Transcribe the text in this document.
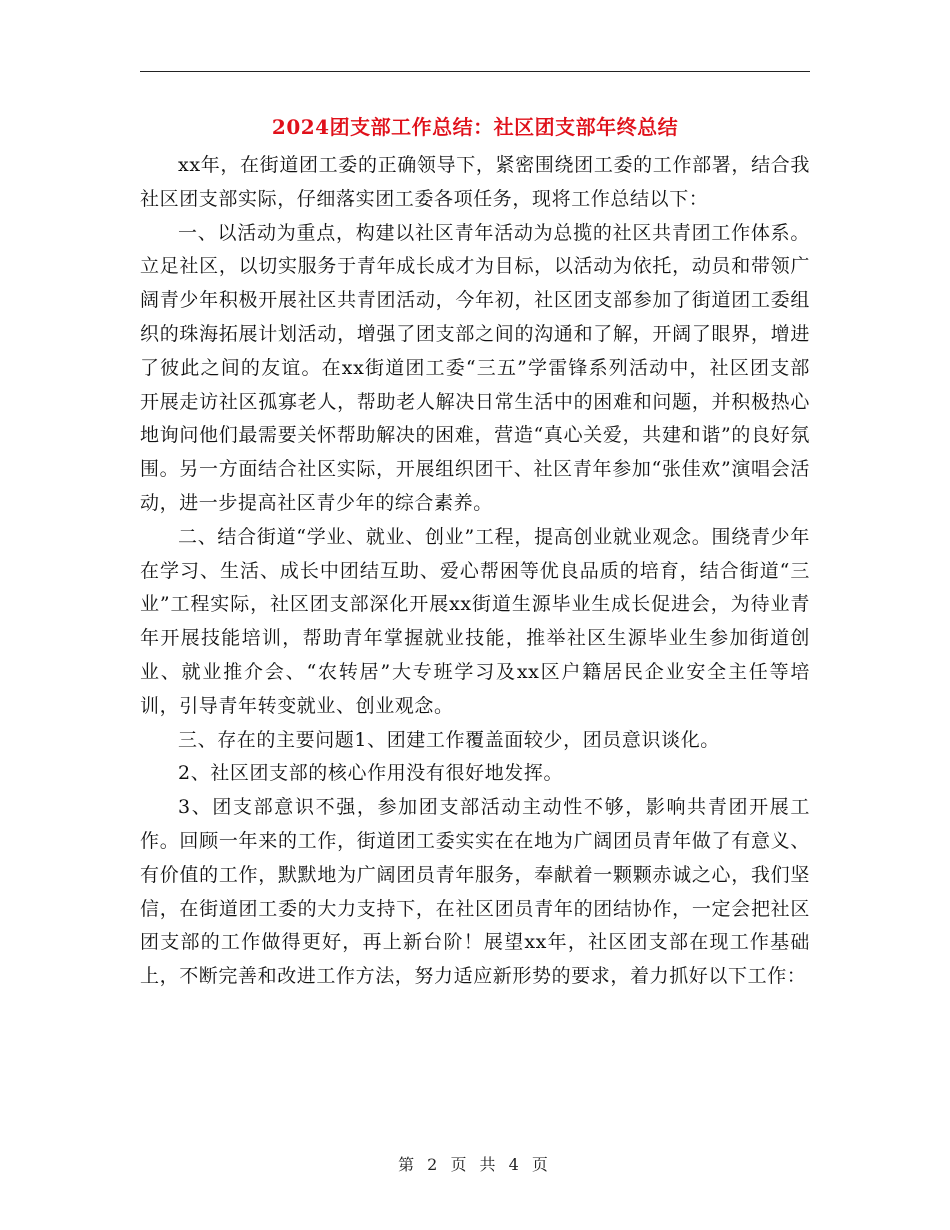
2024团支部工作总结：社区团支部年终总结

xx年，在街道团工委的正确领导下，紧密围绕团工委的工作部署，结合我社区团支部实际，仔细落实团工委各项任务，现将工作总结以下：

一、以活动为重点，构建以社区青年活动为总揽的社区共青团工作体系。立足社区，以切实服务于青年成长成才为目标，以活动为依托，动员和带领广阔青少年积极开展社区共青团活动，今年初，社区团支部参加了街道团工委组织的珠海拓展计划活动，增强了团支部之间的沟通和了解，开阔了眼界，增进了彼此之间的友谊。在xx街道团工委“三五”学雷锋系列活动中，社区团支部开展走访社区孤寡老人，帮助老人解决日常生活中的困难和问题，并积极热心地询问他们最需要关怀帮助解决的困难，营造“真心关爱，共建和谐”的良好氛围。另一方面结合社区实际，开展组织团干、社区青年参加“张佳欢”演唱会活动，进一步提高社区青少年的综合素养。

二、结合街道“学业、就业、创业”工程，提高创业就业观念。围绕青少年在学习、生活、成长中团结互助、爱心帮困等优良品质的培育，结合街道“三业”工程实际，社区团支部深化开展xx街道生源毕业生成长促进会，为待业青年开展技能培训，帮助青年掌握就业技能，推举社区生源毕业生参加街道创业、就业推介会、“农转居”大专班学习及xx区户籍居民企业安全主任等培训，引导青年转变就业、创业观念。

三、存在的主要问题1、团建工作覆盖面较少，团员意识谈化。

2、社区团支部的核心作用没有很好地发挥。

3、团支部意识不强，参加团支部活动主动性不够，影响共青团开展工作。回顾一年来的工作，街道团工委实实在在地为广阔团员青年做了有意义、有价值的工作，默默地为广阔团员青年服务，奉献着一颗颗赤诚之心，我们坚信，在街道团工委的大力支持下，在社区团员青年的团结协作，一定会把社区团支部的工作做得更好，再上新台阶！展望xx年，社区团支部在现工作基础上，不断完善和改进工作方法，努力适应新形势的要求，着力抓好以下工作：

第 2 页 共 4 页
